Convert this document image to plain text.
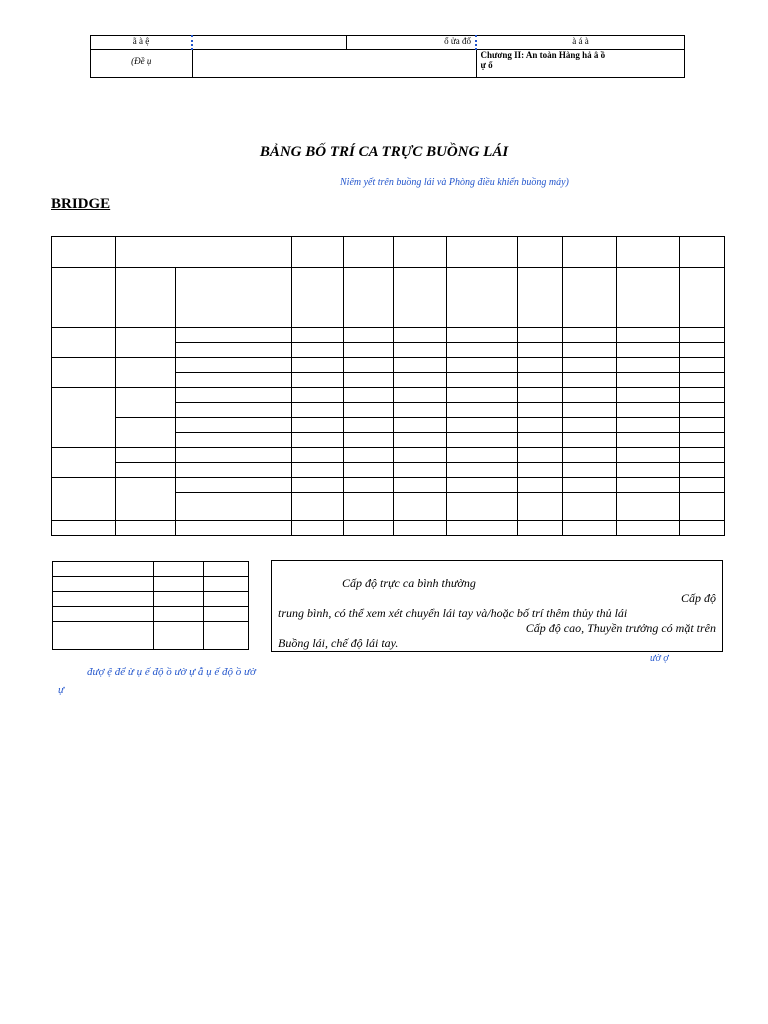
ã à ệ		ổ ửa đổ	à á à
(Đề ụ			Chương II: An toàn Hàng hả â ồ
ự ổ
BẢNG BỐ TRÍ CA TRỰC BUỒNG LÁI
Niêm yết trên buồng lái và Phòng điều khiển buồng máy)
BRIDGE

Cấp độ trực ca bình thường
Cấp độ
trung bình, có thể xem xét chuyển lái tay và/hoặc bố trí thêm thủy thủ lái
Cấp độ cao, Thuyền trưởng có mặt trên
Buồng lái, chế độ lái tay.
ườ ợ
đượ ệ để ừ ụ ế độ ồ ườ ự ẫ ụ ế độ ồ ườ
ự
